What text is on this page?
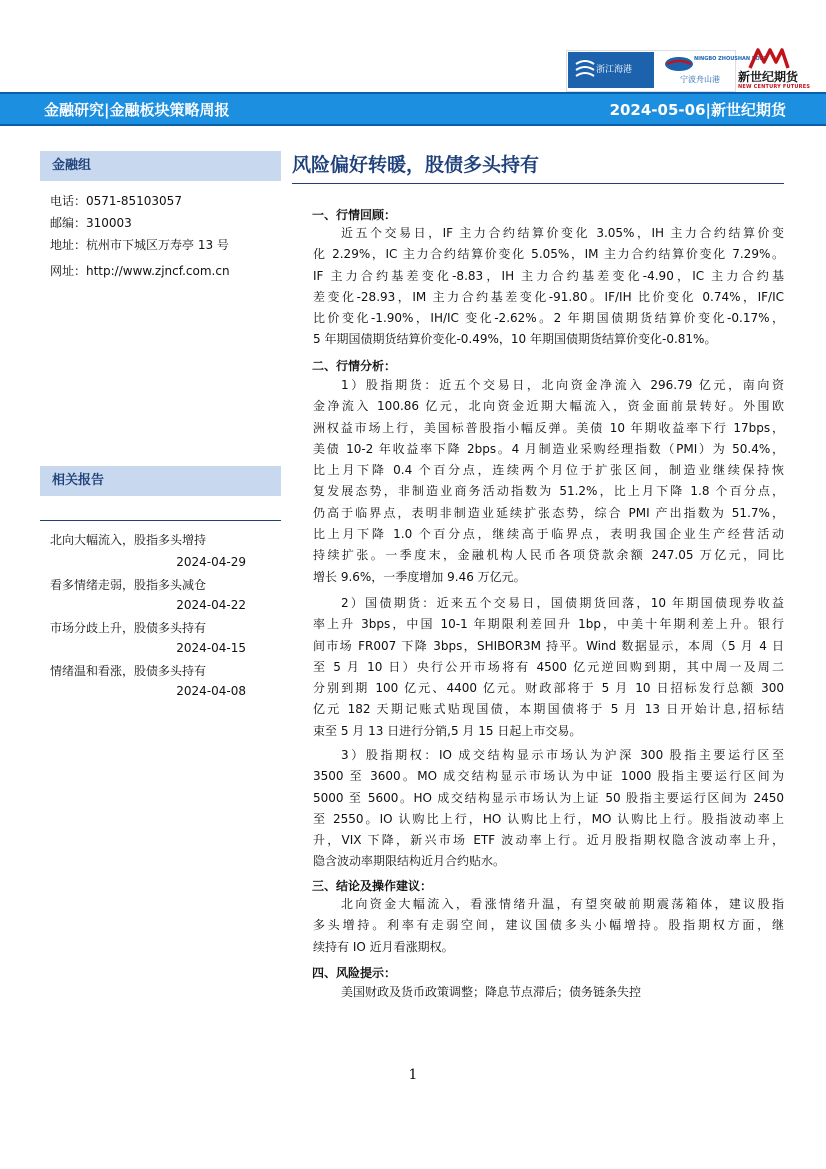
浙江海港
NINGBO ZHOUSHAN PORT
宁波舟山港 新世纪期货
NEW CENTURY FUTURES
金融研究|金融板块策略周报	2024-05-06|新世纪期货
金融组
电话：0571-85103057
邮编：310003
地址：杭州市下城区万寿亭 13 号
网址：http://www.zjncf.com.cn
相关报告
北向大幅流入，股指多头增持
2024-04-29
看多情绪走弱，股指多头减仓
2024-04-22
市场分歧上升，股债多头持有
2024-04-15
情绪温和看涨，股债多头持有
2024-04-08
风险偏好转暖，股债多头持有
一、行情回顾：
近五个交易日，IF 主力合约结算价变化 3.05%，IH 主力合约结算价变
化 2.29%，IC 主力合约结算价变化 5.05%，IM 主力合约结算价变化 7.29%。
IF 主力合约基差变化-8.83，IH 主力合约基差变化-4.90，IC 主力合约基
差变化-28.93，IM 主力合约基差变化-91.80。IF/IH 比价变化 0.74%，IF/IC
比价变化-1.90%，IH/IC 变化-2.62%。2 年期国债期货结算价变化-0.17%，
5 年期国债期货结算价变化-0.49%，10 年期国债期货结算价变化-0.81%。
二、行情分析：
1）股指期货：近五个交易日，北向资金净流入 296.79 亿元，南向资
金净流入 100.86 亿元，北向资金近期大幅流入，资金面前景转好。外围欧
洲权益市场上行，美国标普股指小幅反弹。美债 10 年期收益率下行 17bps，
美债 10-2 年收益率下降 2bps。4 月制造业采购经理指数（PMI）为 50.4%，
比上月下降 0.4 个百分点，连续两个月位于扩张区间，制造业继续保持恢
复发展态势，非制造业商务活动指数为 51.2%，比上月下降 1.8 个百分点，
仍高于临界点，表明非制造业延续扩张态势，综合 PMI 产出指数为 51.7%，
比上月下降 1.0 个百分点，继续高于临界点，表明我国企业生产经营活动
持续扩张。一季度末，金融机构人民币各项贷款余额 247.05 万亿元，同比
增长 9.6%，一季度增加 9.46 万亿元。
2）国债期货：近来五个交易日，国债期货回落，10 年期国债现券收益
率上升 3bps，中国 10-1 年期限利差回升 1bp，中美十年期利差上升。银行
间市场 FR007 下降 3bps，SHIBOR3M 持平。Wind 数据显示，本周（5 月 4 日
至 5 月 10 日）央行公开市场将有 4500 亿元逆回购到期，其中周一及周二
分别到期 100 亿元、4400 亿元。财政部将于 5 月 10 日招标发行总额 300
亿元 182 天期记账式贴现国债，本期国债将于 5 月 13 日开始计息,招标结
束至 5 月 13 日进行分销,5 月 15 日起上市交易。
3）股指期权：IO 成交结构显示市场认为沪深 300 股指主要运行区至
3500 至 3600。MO 成交结构显示市场认为中证 1000 股指主要运行区间为
5000 至 5600。HO 成交结构显示市场认为上证 50 股指主要运行区间为 2450
至 2550。IO 认购比上行，HO 认购比上行，MO 认购比上行。股指波动率上
升，VIX 下降，新兴市场 ETF 波动率上行。近月股指期权隐含波动率上升，
隐含波动率期限结构近月合约贴水。
三、结论及操作建议：
北向资金大幅流入，看涨情绪升温，有望突破前期震荡箱体，建议股指
多头增持。利率有走弱空间，建议国债多头小幅增持。股指期权方面，继
续持有 IO 近月看涨期权。
四、风险提示：
美国财政及货币政策调整；降息节点滞后；债务链条失控
1
